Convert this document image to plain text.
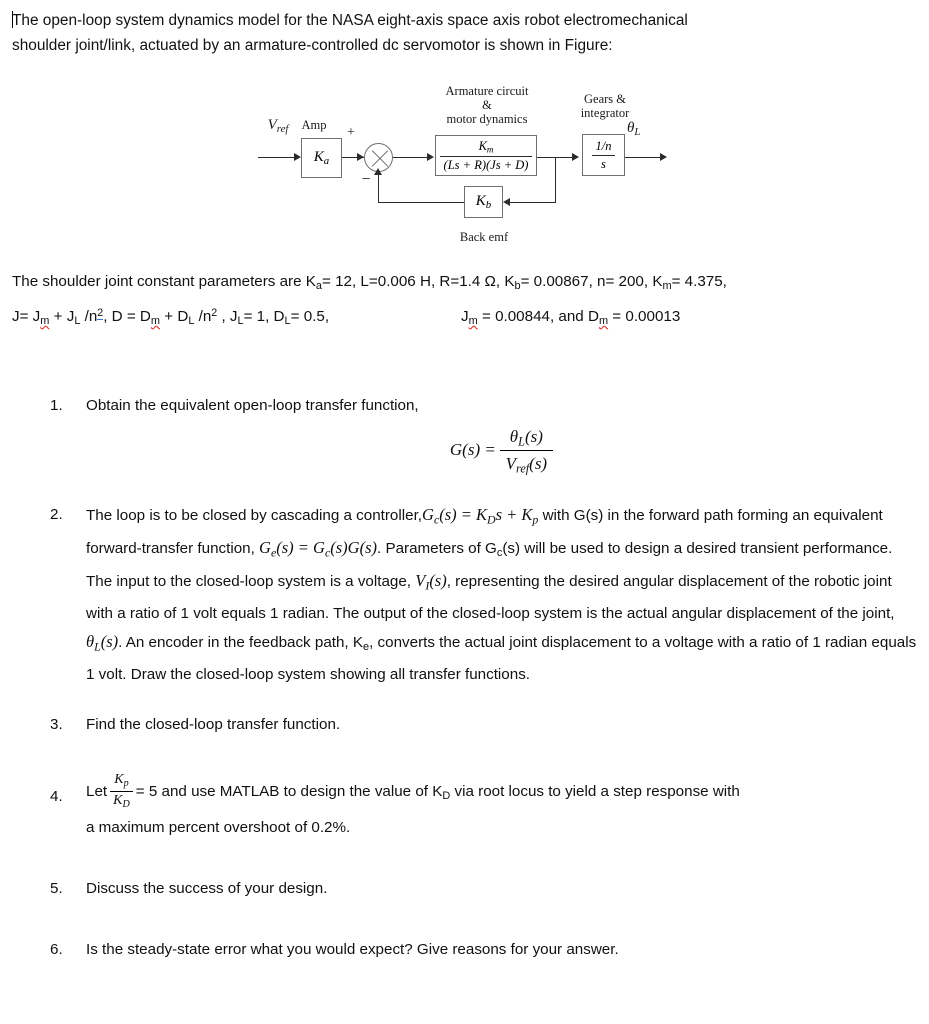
The open-loop system dynamics model for the NASA eight-axis space axis robot electromechanical
shoulder joint/link, actuated by an armature-controlled dc servomotor is shown in Figure:
Amp
Armature circuit
&
motor dynamics
Gears &
integrator
Back emf
$V_{ref}$	$\theta_L$
+
−
$K_a$	$\frac{K_m}{(Ls + R)(Js + D)}$	$\frac{1/n}{s}$
$K_b$
The shoulder joint constant parameters are $K_a= 12$, L=0.006 H, R=1.4 Ω, $K_b= 0.00867$, n= 200, $K_m= 4.375$,
$J= J_m + J_L$ $/n^2$, $D = D_m + D_L$ $/n^2$ , $J_L= 1$, $D_L= 0.5$,	$J_m = 0.00844$, and $D_m = 0.00013$
1.	Obtain the equivalent open-loop transfer function,
$G(s) = \frac{\theta_L(s)}{V_{ref}(s)}$
2.	The loop is to be closed by cascading a $controller,G_c(s) = K_Ds + K_p$ with G(s) in the forward path forming an equivalent forward-transfer function, $G_e(s) = G_c(s)G(s)$. Parameters of $G_c(s)$ will be used to design a desired transient performance. The input to the closed-loop system is a voltage, $V_I(s)$, representing the desired angular displacement of the robotic joint with a ratio of 1 volt equals 1 radian. The output of the closed-loop system is the actual angular displacement of the joint, $\theta_L(s)$. An encoder in the feedback path, $K_e$, converts the actual joint displacement to a voltage with a ratio of 1 radian equals 1 volt. Draw the closed-loop system showing all transfer functions.
3.	Find the closed-loop transfer function.
4.	Let $\frac{K_p}{K_D} = 5$ and use MATLAB to design the value of $K_D$ via root locus to yield a step response with
a maximum percent overshoot of 0.2%.
5.	Discuss the success of your design.
6.	Is the steady-state error what you would expect? Give reasons for your answer.
